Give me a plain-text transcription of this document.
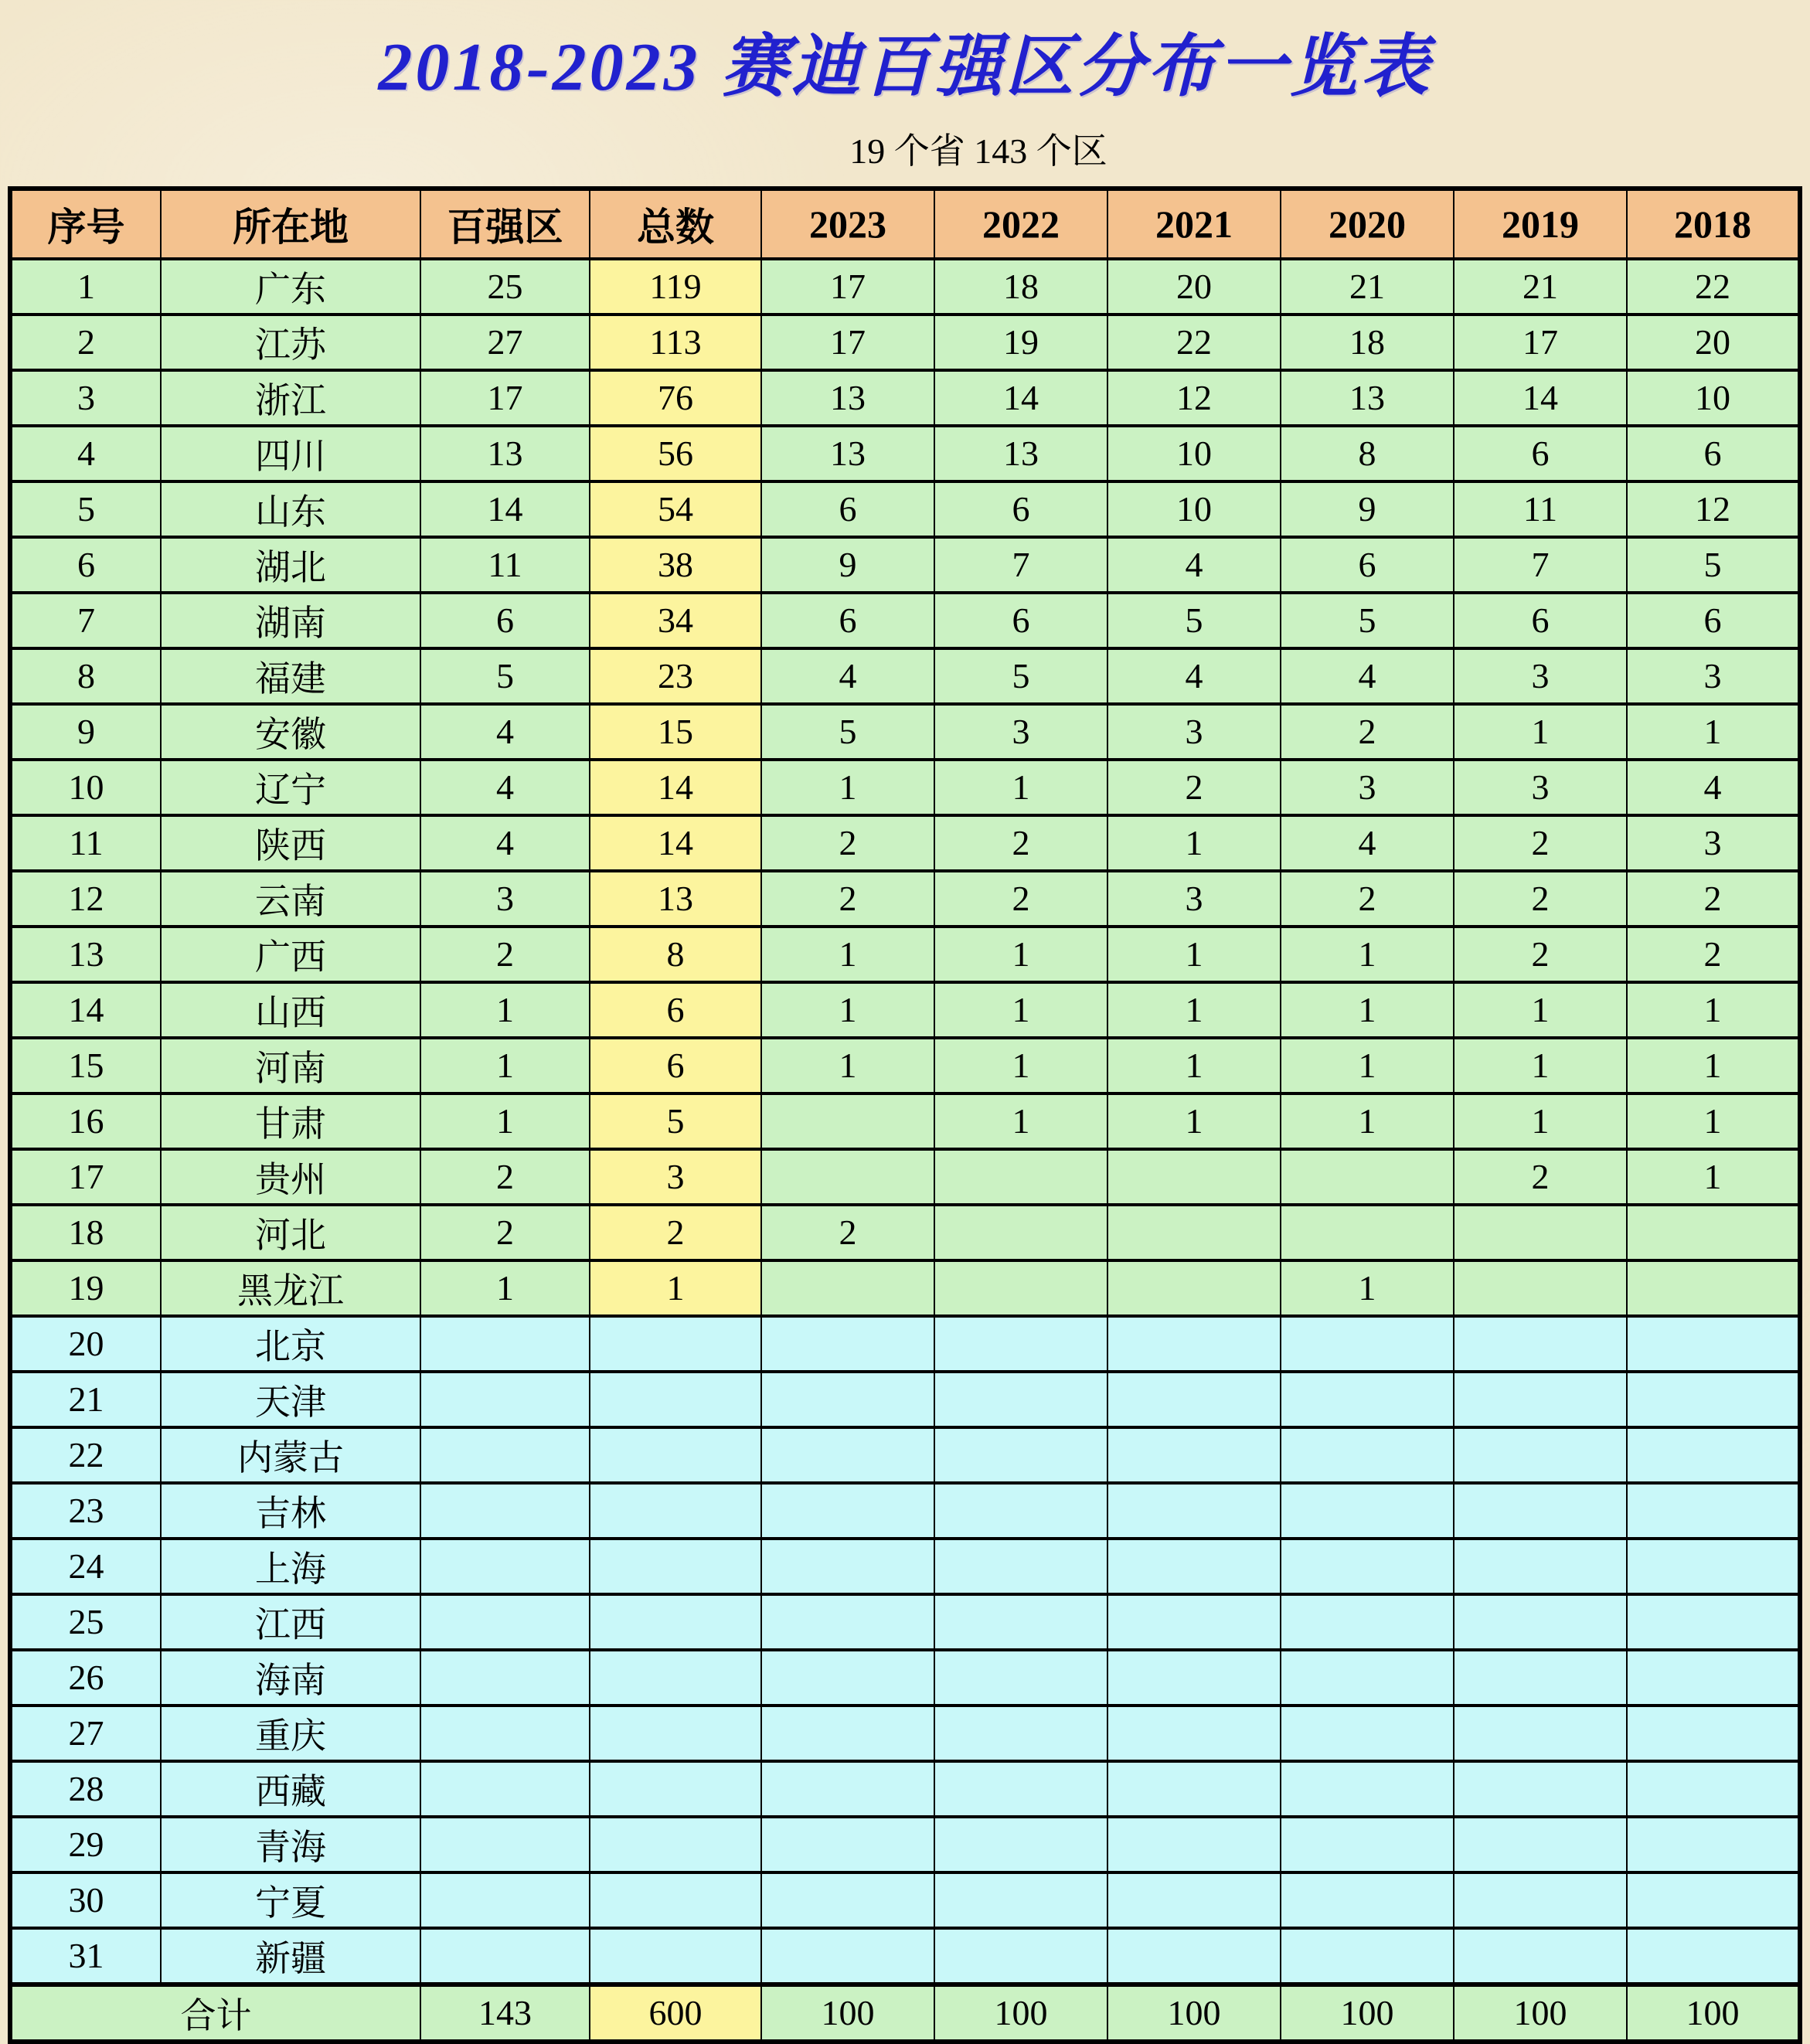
2018-2023 赛迪百强区分布一览表
19 个省 143 个区
序号	所在地	百强区	总数	2023	2022	2021	2020	2019	2018
1	广东	25	119	17	18	20	21	21	22
2	江苏	27	113	17	19	22	18	17	20
3	浙江	17	76	13	14	12	13	14	10
4	四川	13	56	13	13	10	8	6	6
5	山东	14	54	6	6	10	9	11	12
6	湖北	11	38	9	7	4	6	7	5
7	湖南	6	34	6	6	5	5	6	6
8	福建	5	23	4	5	4	4	3	3
9	安徽	4	15	5	3	3	2	1	1
10	辽宁	4	14	1	1	2	3	3	4
11	陕西	4	14	2	2	1	4	2	3
12	云南	3	13	2	2	3	2	2	2
13	广西	2	8	1	1	1	1	2	2
14	山西	1	6	1	1	1	1	1	1
15	河南	1	6	1	1	1	1	1	1
16	甘肃	1	5		1	1	1	1	1
17	贵州	2	3					2	1
18	河北	2	2	2					
19	黑龙江	1	1				1		
20	北京								
21	天津								
22	内蒙古								
23	吉林								
24	上海								
25	江西								
26	海南								
27	重庆								
28	西藏								
29	青海								
30	宁夏								
31	新疆								
合计		143	600	100	100	100	100	100	100
